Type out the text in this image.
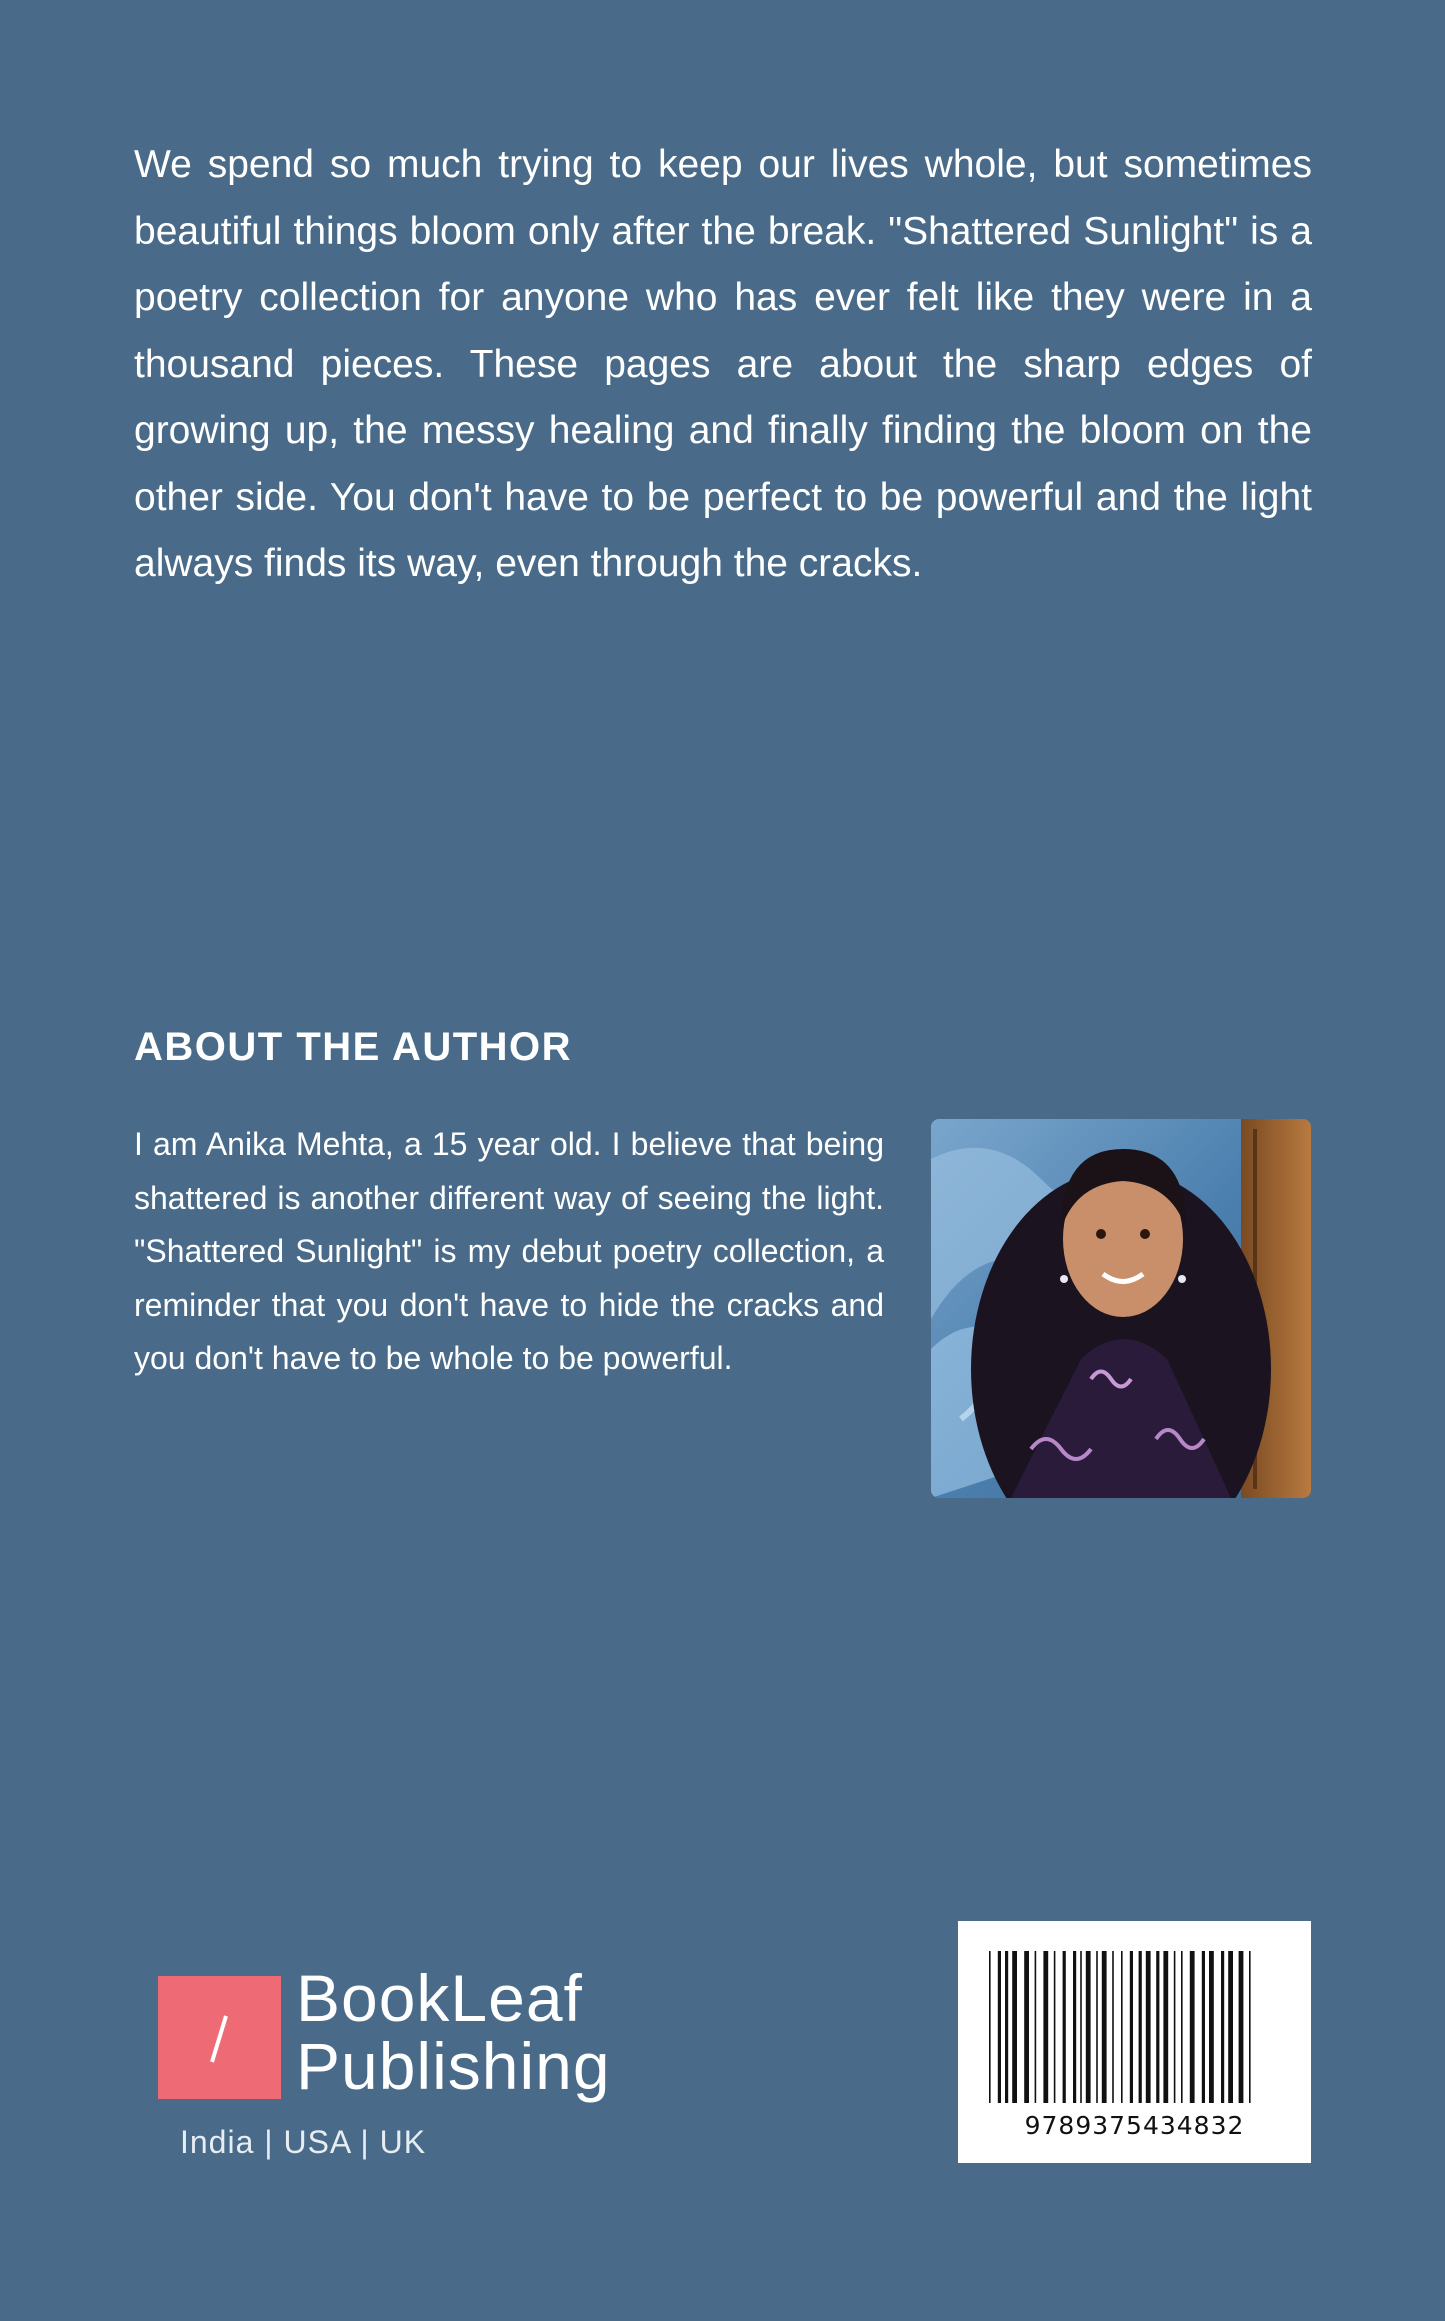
We spend so much trying to keep our lives whole, but sometimes beautiful things bloom only after the break. "Shattered Sunlight" is a poetry collection for anyone who has ever felt like they were in a thousand pieces. These pages are about the sharp edges of growing up, the messy healing and finally finding the bloom on the other side. You don't have to be perfect to be powerful and the light always finds its way, even through the cracks.

ABOUT THE AUTHOR

I am Anika Mehta, a 15 year old. I believe that being shattered is another different way of seeing the light. "Shattered Sunlight" is my debut poetry collection, a reminder that you don't have to hide the cracks and you don't have to be whole to be powerful.

BookLeaf
Publishing
India | USA | UK	9789375434832
